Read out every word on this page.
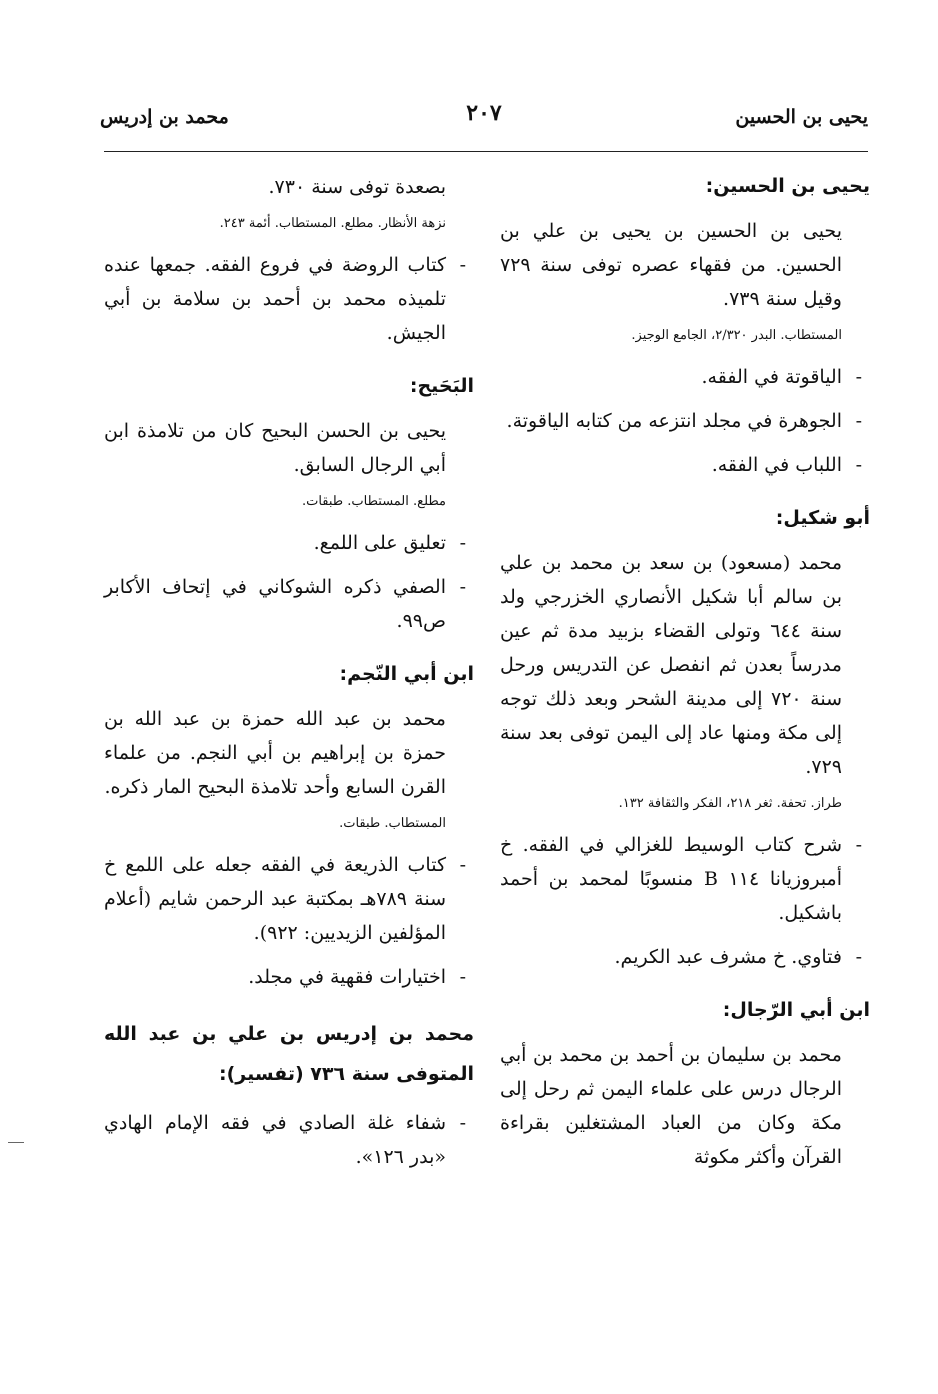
يحيى بن الحسين
٢٠٧
محمد بن إدريس
يحيى بن الحسين:

يحيى بن الحسين بن يحيى بن علي بن الحسين. من فقهاء عصره توفى سنة ٧٢٩ وقيل سنة ٧٣٩.

المستطاب. البدر ٢/٣٢٠، الجامع الوجيز.

-
الياقوتة في الفقه.
-
الجوهرة في مجلد انتزعه من كتابه الياقوتة.
-
اللباب في الفقه.
أبو شكيل:

محمد (مسعود) بن سعد بن محمد بن علي بن سالم أبا شكيل الأنصاري الخزرجي ولد سنة ٦٤٤ وتولى القضاء بزبيد مدة ثم عين مدرساً بعدن ثم انفصل عن التدريس ورحل سنة ٧٢٠ إلى مدينة الشحر وبعد ذلك توجه إلى مكة ومنها عاد إلى اليمن توفى بعد سنة ٧٢٩.

طراز. تحفة. ثغر ٢١٨، الفكر والثقافة ١٣٢.

-
شرح كتاب الوسيط للغزالي في الفقه. خ أمبروزيانا ١١٤ B منسوبًا لمحمد بن أحمد باشكيل.
-
فتاوي. خ مشرف عبد الكريم.
ابن أبي الرّجال:

محمد بن سليمان بن أحمد بن محمد بن أبي الرجال درس على علماء اليمن ثم رحل إلى مكة وكان من العباد المشتغلين بقراءة القرآن وأكثر مكوثة

بصعدة توفى سنة ٧٣٠.

نزهة الأنظار. مطلع. المستطاب. أئمة ٢٤٣.

-
كتاب الروضة في فروع الفقه. جمعها عنده تلميذه محمد بن أحمد بن سلامة بن أبي الجيش.
البَحَيح:

يحيى بن الحسن البحيح كان من تلامذة ابن أبي الرجال السابق.

مطلع. المستطاب. طبقات.

-
تعليق على اللمع.
-
الصفي ذكره الشوكاني في إتحاف الأكابر ص٩٩.
ابن أبي النّجم:

محمد بن عبد الله حمزة بن عبد الله بن حمزة بن إبراهيم بن أبي النجم. من علماء القرن السابع وأحد تلامذة البحيح المار ذكره.

المستطاب. طبقات.

-
كتاب الذريعة في الفقه جعله على اللمع خ سنة ٧٨٩هـ بمكتبة عبد الرحمن شايم (أعلام المؤلفين الزيديين: ٩٢٢).
-
اختيارات فقهية في مجلد.
محمد بن إدريس بن علي بن عبد الله المتوفى سنة ٧٣٦ (تفسير):
-
شفاء غلة الصادي في فقه الإمام الهادي «بدر ١٢٦».
